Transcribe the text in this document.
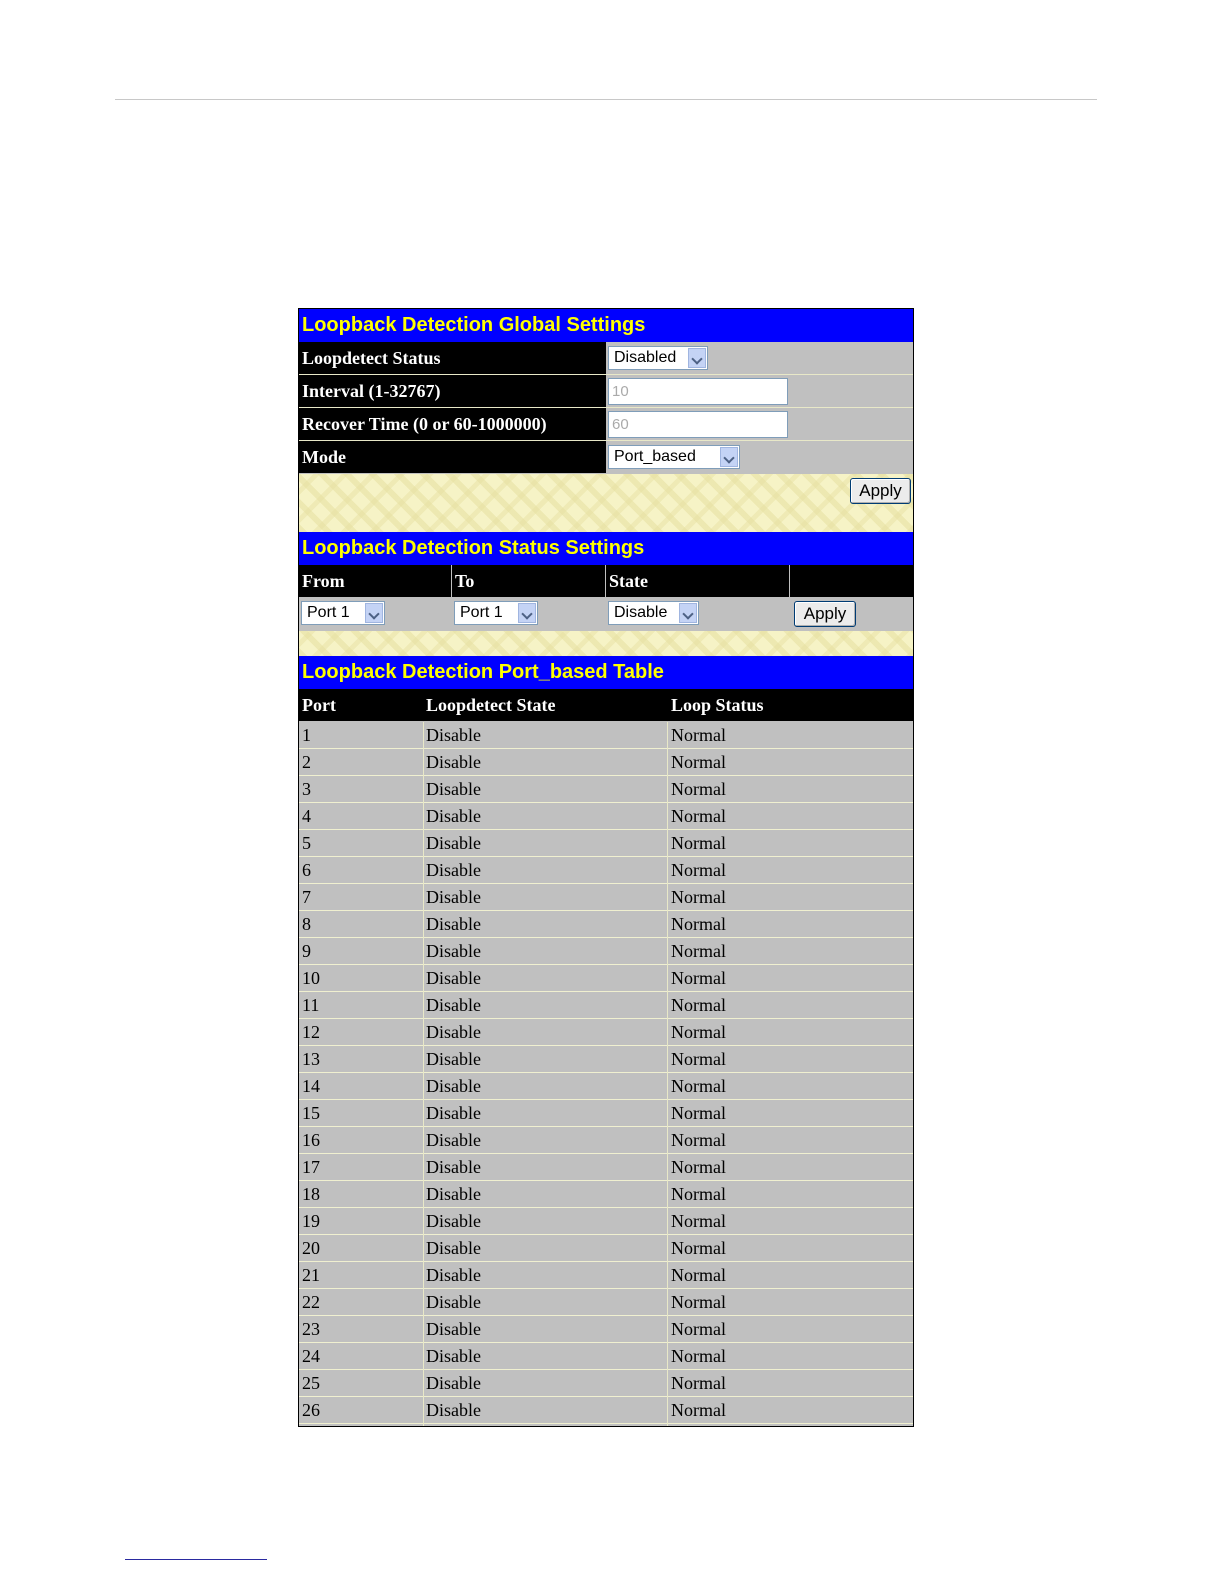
Loopback Detection Global Settings
Loopdetect Status	Disabled
Interval (1-32767)	10
Recover Time (0 or 60-1000000)	60
Mode	Port_based
Apply
Loopback Detection Status Settings
From	To	State
Port 1	Port 1	Disable	Apply
Loopback Detection Port_based Table
Port	Loopdetect State	Loop Status
1	Disable	Normal
2	Disable	Normal
3	Disable	Normal
4	Disable	Normal
5	Disable	Normal
6	Disable	Normal
7	Disable	Normal
8	Disable	Normal
9	Disable	Normal
10	Disable	Normal
11	Disable	Normal
12	Disable	Normal
13	Disable	Normal
14	Disable	Normal
15	Disable	Normal
16	Disable	Normal
17	Disable	Normal
18	Disable	Normal
19	Disable	Normal
20	Disable	Normal
21	Disable	Normal
22	Disable	Normal
23	Disable	Normal
24	Disable	Normal
25	Disable	Normal
26	Disable	Normal
